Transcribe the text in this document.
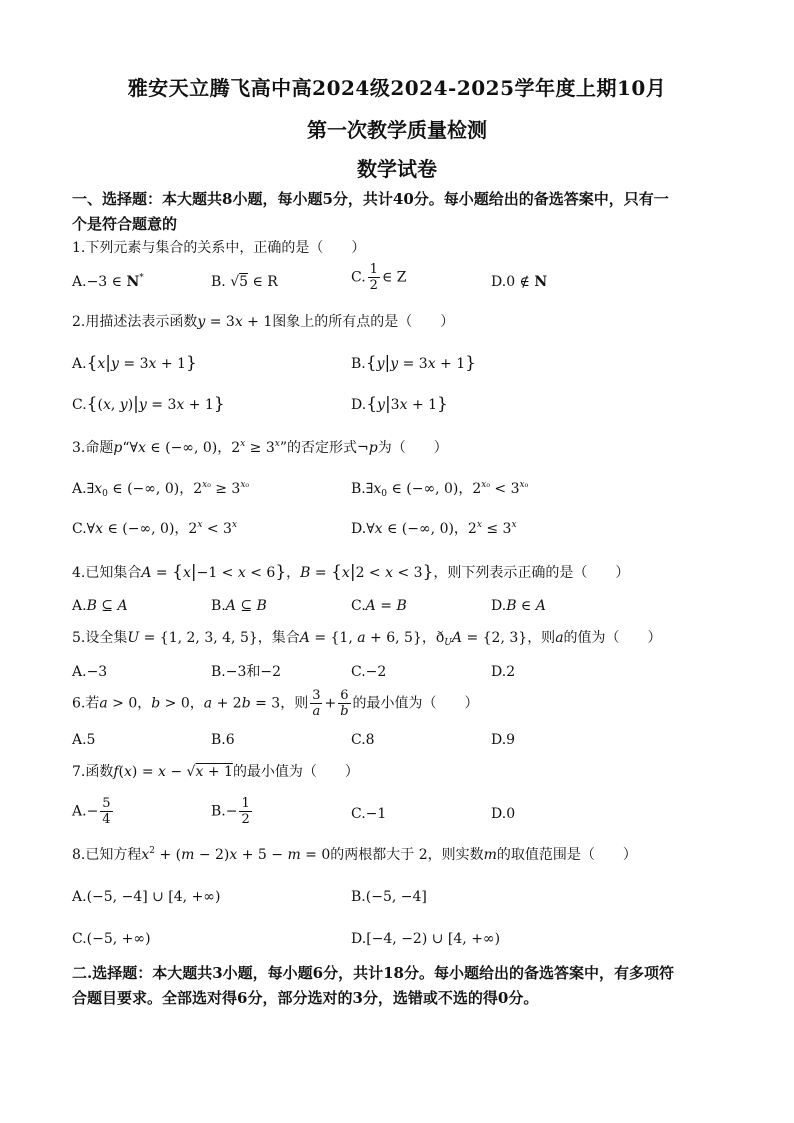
雅安天立腾飞高中高2024级2024-2025学年度上期10月
第一次教学质量检测
数学试卷
一、选择题：本大题共8小题，每小题5分，共计40分。每小题给出的备选答案中，只有一
个是符合题意的
1.下列元素与集合的关系中，正确的是（　　）
A.−3 ∈ N*	B. √5 ∈ R	C. $\frac{1}{2}$ ∈ Z	D.0 ∉ N
2.用描述法表示函数y = 3x + 1图象上的所有点的是（　　）
A.{x|y = 3x + 1}	B.{y|y = 3x + 1}
C.{(x, y)|y = 3x + 1}	D.{y|3x + 1}
3.命题p“∀x ∈ (−∞, 0)，$2^x \ge 3^x$”的否定形式¬p为（　　）
$A.\exists x_0$ ∈ (−∞, 0)，$2^{x_0} \ge 3^{x_0}$	$B.\exists x_0$ ∈ (−∞, 0)，$2^{x_0} < 3^{x_0}$
C.∀x ∈ (−∞, 0)，$2^x < 3^x$	D.∀x ∈ (−∞, 0)，$2^x \le 3^x$
4.已知集合A = {x|−1 < x < 6}，B = {x|2 < x < 3}，则下列表示正确的是（　　）
A.B ⊆ A	B.A ⊆ B	C.A = B	D.B ∈ A
5.设全集U = {1, 2, 3, 4, 5}，集合A = {1, a + 6, 5}，$ð_UA = \{2$, 3}，则a的值为（　　）
A.−3	B.−3和−2	C.−2	D.2
6.若a > 0，b > 0，a + 2b = 3，则 $\frac{3}{a} + \frac{6}{b}$ 的最小值为（　　）
A.5	B.6	C.8	D.9
7.函数f(x) = x − √x + 1的最小值为（　　）
$A.- \frac{5}{4}$	$B.- \frac{1}{2}$	C.−1	D.0
8.已知方程$x^2 + (m - 2)x + 5 - m = 0$的两根都大于 2，则实数m的取值范围是（　　）
A.(−5, −4] ∪ [4, +∞)	B.(−5, −4]
C.(−5, +∞)	D.[−4, −2) ∪ [4, +∞)
二.选择题：本大题共3小题，每小题6分，共计18分。每小题给出的备选答案中，有多项符
合题目要求。全部选对得6分，部分选对的3分，选错或不选的得0分。
